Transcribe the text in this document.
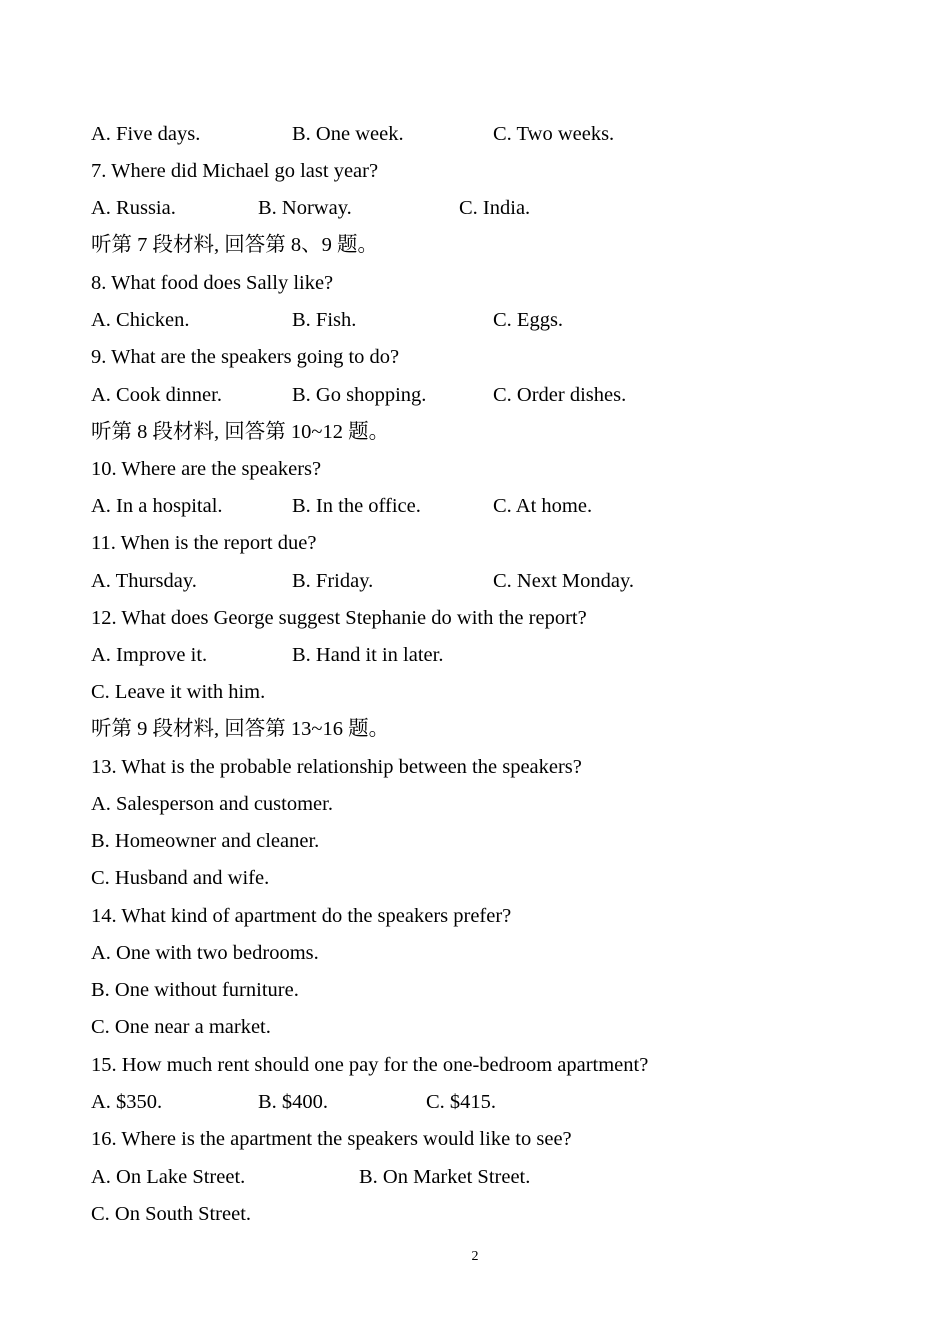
A. Five days.	B. One week.	C. Two weeks.
7. Where did Michael go last year?
A. Russia.	B. Norway.	C. India.
听第 7 段材料, 回答第 8、9 题。
8. What food does Sally like?
A. Chicken.	B. Fish.	C. Eggs.
9. What are the speakers going to do?
A. Cook dinner.	B. Go shopping.	C. Order dishes.
听第 8 段材料, 回答第 10~12 题。
10. Where are the speakers?
A. In a hospital.	B. In the office.	C. At home.
11. When is the report due?
A. Thursday.	B. Friday.	C. Next Monday.
12. What does George suggest Stephanie do with the report?
A. Improve it.	B. Hand it in later.
C. Leave it with him.
听第 9 段材料, 回答第 13~16 题。
13. What is the probable relationship between the speakers?
A. Salesperson and customer.
B. Homeowner and cleaner.
C. Husband and wife.
14. What kind of apartment do the speakers prefer?
A. One with two bedrooms.
B. One without furniture.
C. One near a market.
15. How much rent should one pay for the one-bedroom apartment?
A. $350.	B. $400.	C. $415.
16. Where is the apartment the speakers would like to see?
A. On Lake Street.	B. On Market Street.
C. On South Street.
2
